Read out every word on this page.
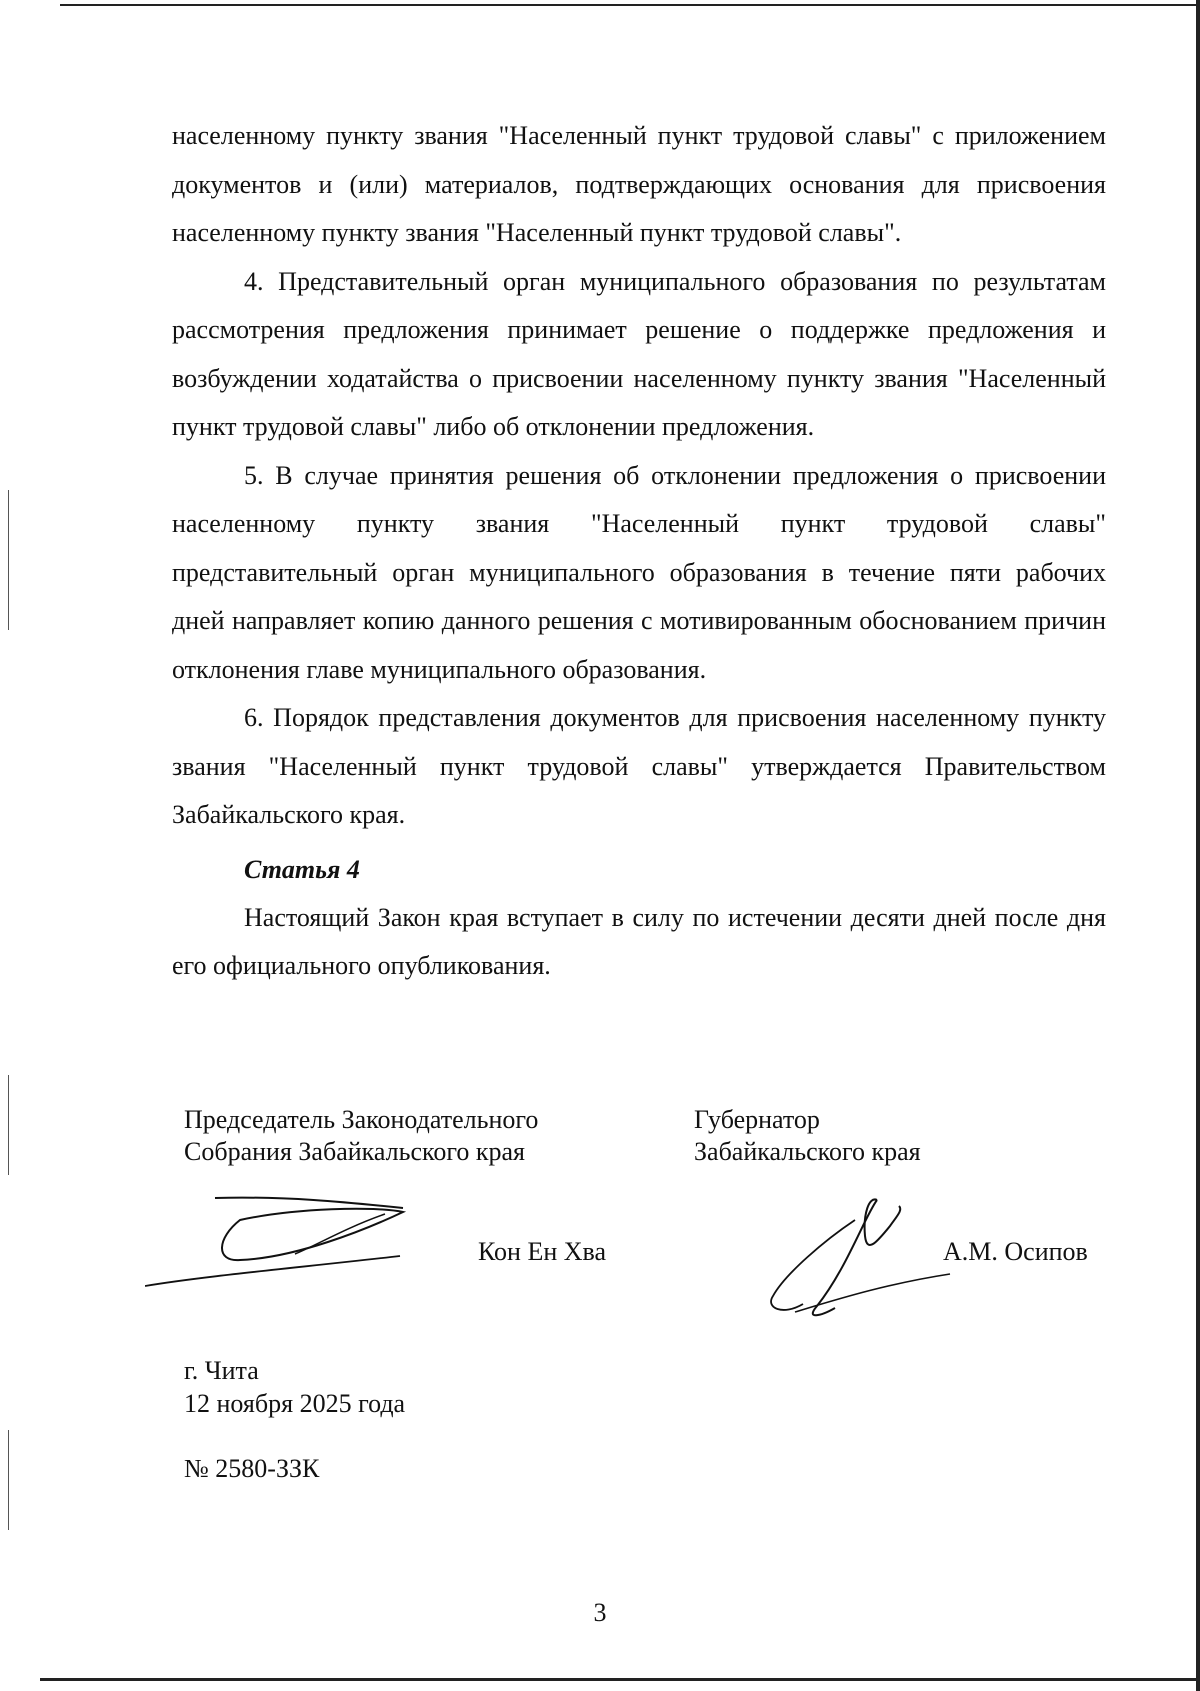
населенному пункту звания "Населенный пункт трудовой славы" с приложением документов и (или) материалов, подтверждающих основания для присвоения населенному пункту звания "Населенный пункт трудовой славы".

4. Представительный орган муниципального образования по результатам рассмотрения предложения принимает решение о поддержке предложения и возбуждении ходатайства о присвоении населенному пункту звания "Населенный пункт трудовой славы" либо об отклонении предложения.

5. В случае принятия решения об отклонении предложения о присвоении населенному пункту звания "Населенный пункт трудовой славы" представительный орган муниципального образования в течение пяти рабочих дней направляет копию данного решения с мотивированным обоснованием причин отклонения главе муниципального образования.

6. Порядок представления документов для присвоения населенному пункту звания "Населенный пункт трудовой славы" утверждается Правительством Забайкальского края.

Статья 4

Настоящий Закон края вступает в силу по истечении десяти дней после дня его официального опубликования.

Председатель Законодательного
Собрания Забайкальского края
Кон Ен Хва
Губернатор
Забайкальского края
А.М. Осипов
г. Чита
12 ноября 2025 года
№ 2580-ЗЗК
3
